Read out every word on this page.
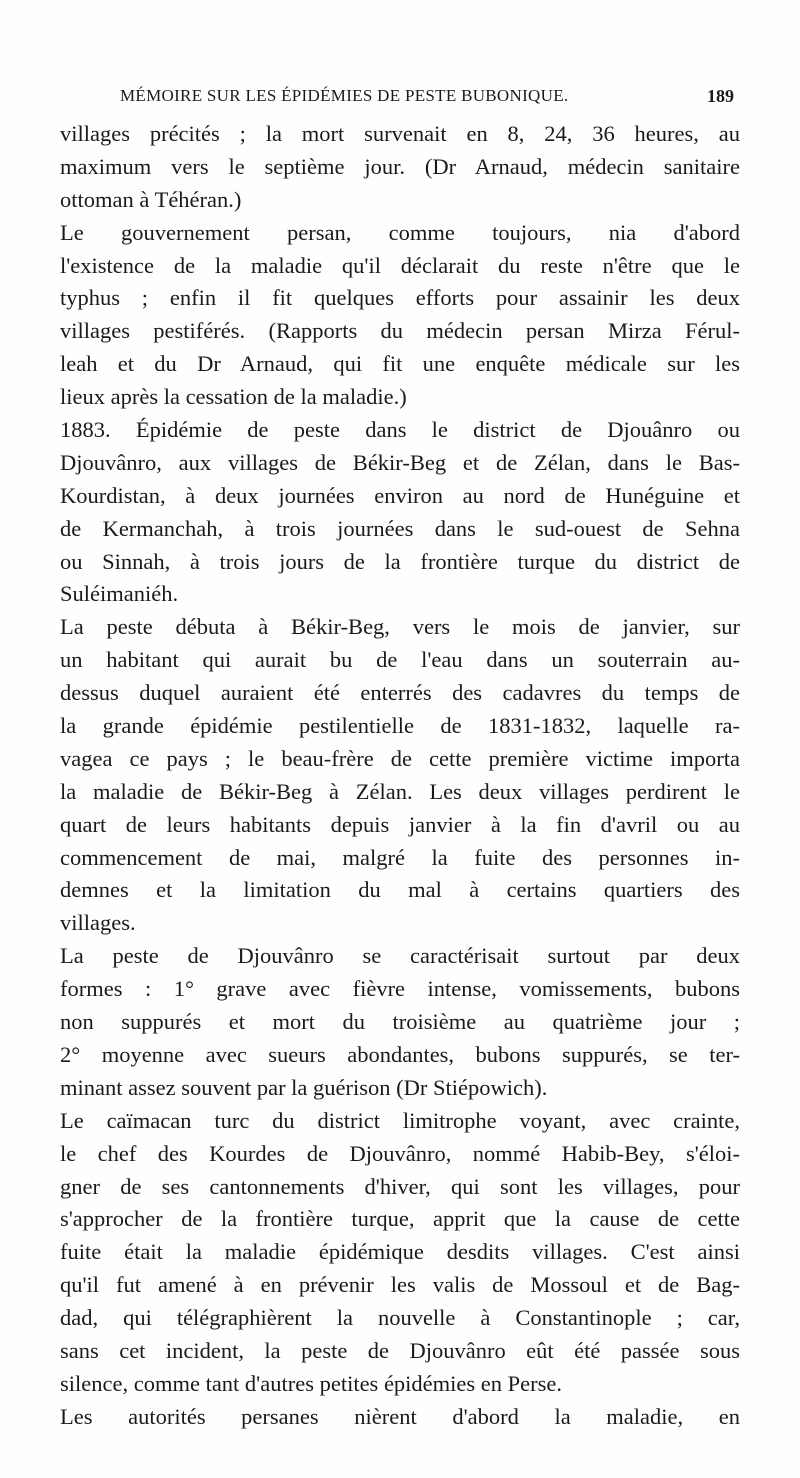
MÉMOIRE SUR LES ÉPIDÉMIES DE PESTE BUBONIQUE.	189
villages précités ; la mort survenait en 8, 24, 36 heures, au
maximum vers le septième jour. (Dr Arnaud, médecin sanitaire
ottoman à Téhéran.)
Le gouvernement persan, comme toujours, nia d'abord
l'existence de la maladie qu'il déclarait du reste n'être que le
typhus ; enfin il fit quelques efforts pour assainir les deux
villages pestiférés. (Rapports du médecin persan Mirza Férul-
leah et du Dr Arnaud, qui fit une enquête médicale sur les
lieux après la cessation de la maladie.)
1883. Épidémie de peste dans le district de Djouânro ou
Djouvânro, aux villages de Békir-Beg et de Zélan, dans le Bas-
Kourdistan, à deux journées environ au nord de Hunéguine et
de Kermanchah, à trois journées dans le sud-ouest de Sehna
ou Sinnah, à trois jours de la frontière turque du district de
Suléimaniéh.
La peste débuta à Békir-Beg, vers le mois de janvier, sur
un habitant qui aurait bu de l'eau dans un souterrain au-
dessus duquel auraient été enterrés des cadavres du temps de
la grande épidémie pestilentielle de 1831-1832, laquelle ra-
vagea ce pays ; le beau-frère de cette première victime importa
la maladie de Békir-Beg à Zélan. Les deux villages perdirent le
quart de leurs habitants depuis janvier à la fin d'avril ou au
commencement de mai, malgré la fuite des personnes in-
demnes et la limitation du mal à certains quartiers des
villages.
La peste de Djouvânro se caractérisait surtout par deux
formes : 1° grave avec fièvre intense, vomissements, bubons
non suppurés et mort du troisième au quatrième jour ;
2° moyenne avec sueurs abondantes, bubons suppurés, se ter-
minant assez souvent par la guérison (Dr Stiépowich).
Le caïmacan turc du district limitrophe voyant, avec crainte,
le chef des Kourdes de Djouvânro, nommé Habib-Bey, s'éloi-
gner de ses cantonnements d'hiver, qui sont les villages, pour
s'approcher de la frontière turque, apprit que la cause de cette
fuite était la maladie épidémique desdits villages. C'est ainsi
qu'il fut amené à en prévenir les valis de Mossoul et de Bag-
dad, qui télégraphièrent la nouvelle à Constantinople ; car,
sans cet incident, la peste de Djouvânro eût été passée sous
silence, comme tant d'autres petites épidémies en Perse.
Les autorités persanes nièrent d'abord la maladie, en
